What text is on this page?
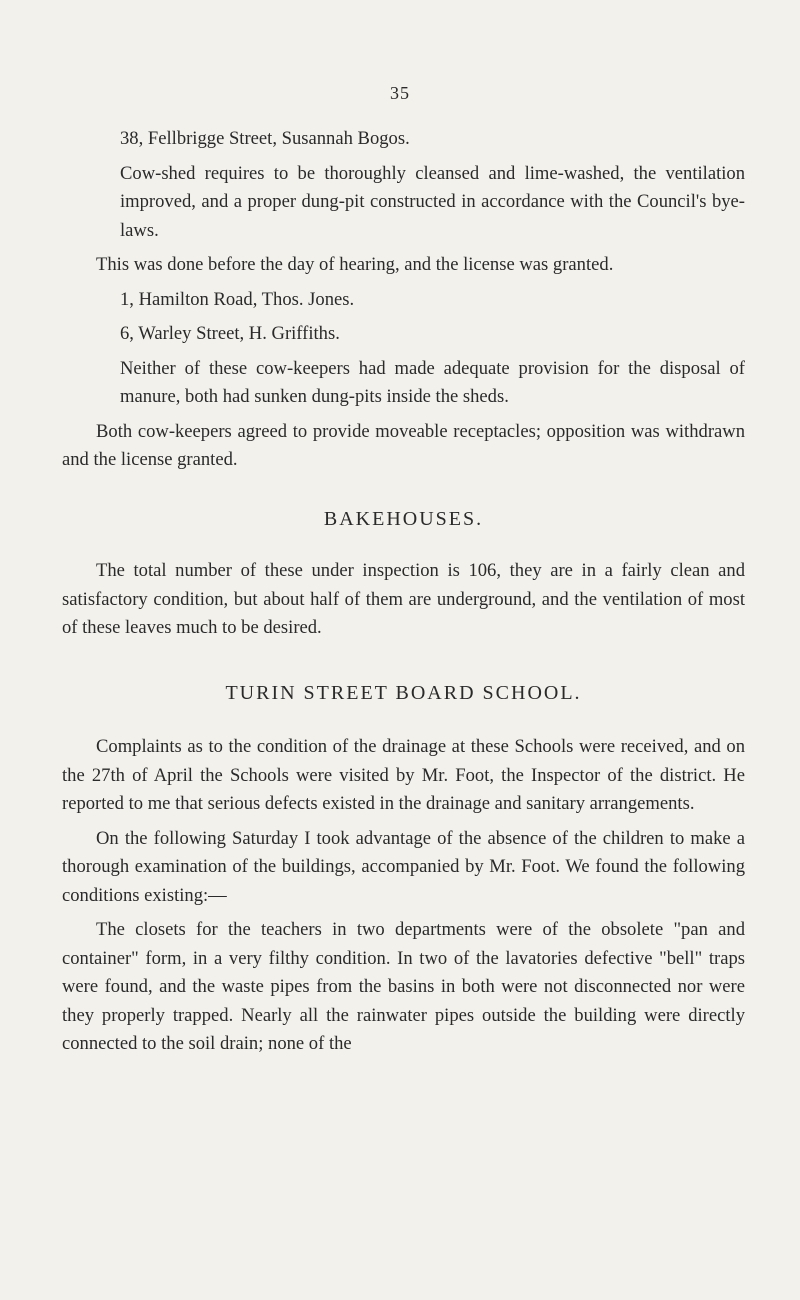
35

38, Fellbrigge Street, Susannah Bogos.

Cow-shed requires to be thoroughly cleansed and lime-washed, the ventilation improved, and a proper dung-pit constructed in accordance with the Council's bye-laws.

This was done before the day of hearing, and the license was granted.

1, Hamilton Road, Thos. Jones.

6, Warley Street, H. Griffiths.

Neither of these cow-keepers had made adequate provision for the disposal of manure, both had sunken dung-pits inside the sheds.

Both cow-keepers agreed to provide moveable receptacles; opposition was withdrawn and the license granted.

BAKEHOUSES.

The total number of these under inspection is 106, they are in a fairly clean and satisfactory condition, but about half of them are underground, and the ventilation of most of these leaves much to be desired.

TURIN STREET BOARD SCHOOL.

Complaints as to the condition of the drainage at these Schools were received, and on the 27th of April the Schools were visited by Mr. Foot, the Inspector of the district. He reported to me that serious defects existed in the drainage and sanitary arrangements.

On the following Saturday I took advantage of the absence of the children to make a thorough examination of the buildings, accompanied by Mr. Foot. We found the following conditions existing:—

The closets for the teachers in two departments were of the obsolete "pan and container" form, in a very filthy condition. In two of the lavatories defective "bell" traps were found, and the waste pipes from the basins in both were not disconnected nor were they properly trapped. Nearly all the rainwater pipes outside the building were directly connected to the soil drain; none of the
